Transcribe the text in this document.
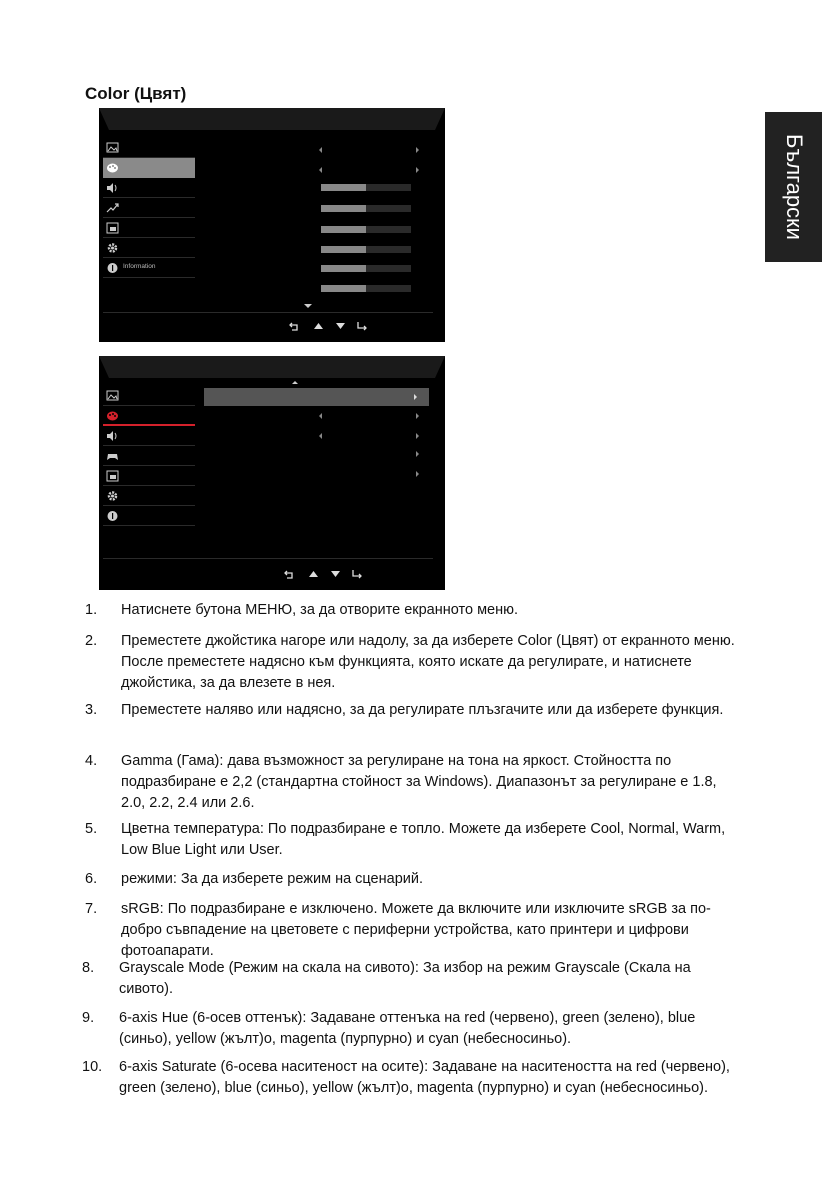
Color (Цвят)
Български
Information
1.	Натиснете бутона МЕНЮ, за да отворите екранното меню.
2.	Преместете джойстика нагоре или надолу, за да изберете Color (Цвят) от екранното меню. После преместете надясно към функцията, която искате да регулирате, и натиснете джойстика, за да влезете в нея.
3.	Преместете наляво или надясно, за да регулирате плъзгачите или да изберете функция.
4.	Gamma (Гама): дава възможност за регулиране на тона на яркост. Стойността по подразбиране е 2,2 (стандартна стойност за Windows). Диапазонът за регулиране е 1.8, 2.0, 2.2, 2.4 или 2.6.
5.	Цветна температура: По подразбиране е топло. Можете да изберете Cool, Normal, Warm, Low Blue Light или User.
6.	режими: За да изберете режим на сценарий.
7.	sRGB: По подразбиране е изключено. Можете да включите или изключите sRGB за по-добро съвпадение на цветовете с периферни устройства, като принтери и цифрови фотоапарати.
8.	Grayscale Mode (Режим на скала на сивото): За избор на режим Grayscale (Скала на сивото).
9.	6-axis Hue (6-осев оттенък): Задаване оттенъка на red (червено), green (зелено), blue (синьо), yellow (жълт)о, magenta (пурпурно) и cyan (небесносиньо).
10.	6-axis Saturate (6-осева наситеност на осите): Задаване на наситеността на red (червено), green (зелено), blue (синьо), yellow (жълт)о, magenta (пурпурно) и cyan (небесносиньо).
